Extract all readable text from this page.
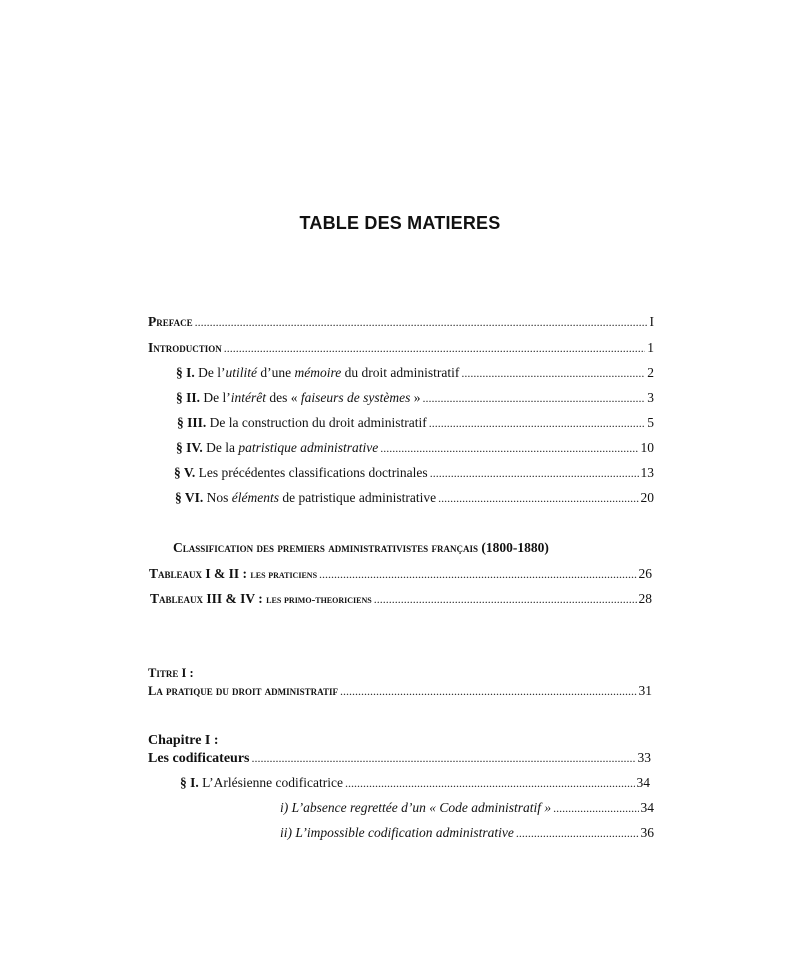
TABLE DES MATIERES
Preface .....	I
Introduction .....	1
§ I. De l’utilité d’une mémoire du droit administratif .....	2
§ II. De l’intérêt des « faiseurs de systèmes » .....	3
§ III. De la construction du droit administratif .....	5
§ IV. De la patristique administrative .....	10
§ V. Les précédentes classifications doctrinales .....	13
§ VI. Nos éléments de patristique administrative .....	20
Classification des premiers administrativistes français (1800-1880)
Tableaux I & II : les praticiens .....	26
Tableaux III & IV : les primo-theoriciens .....	28
Titre I :
La pratique du droit administratif .....	31
Chapitre I :
Les codificateurs .....	33
§ I. L’Arlésienne codificatrice .....	34
i) L’absence regrettée d’un « Code administratif » .....	34
ii) L’impossible codification administrative .....	36
